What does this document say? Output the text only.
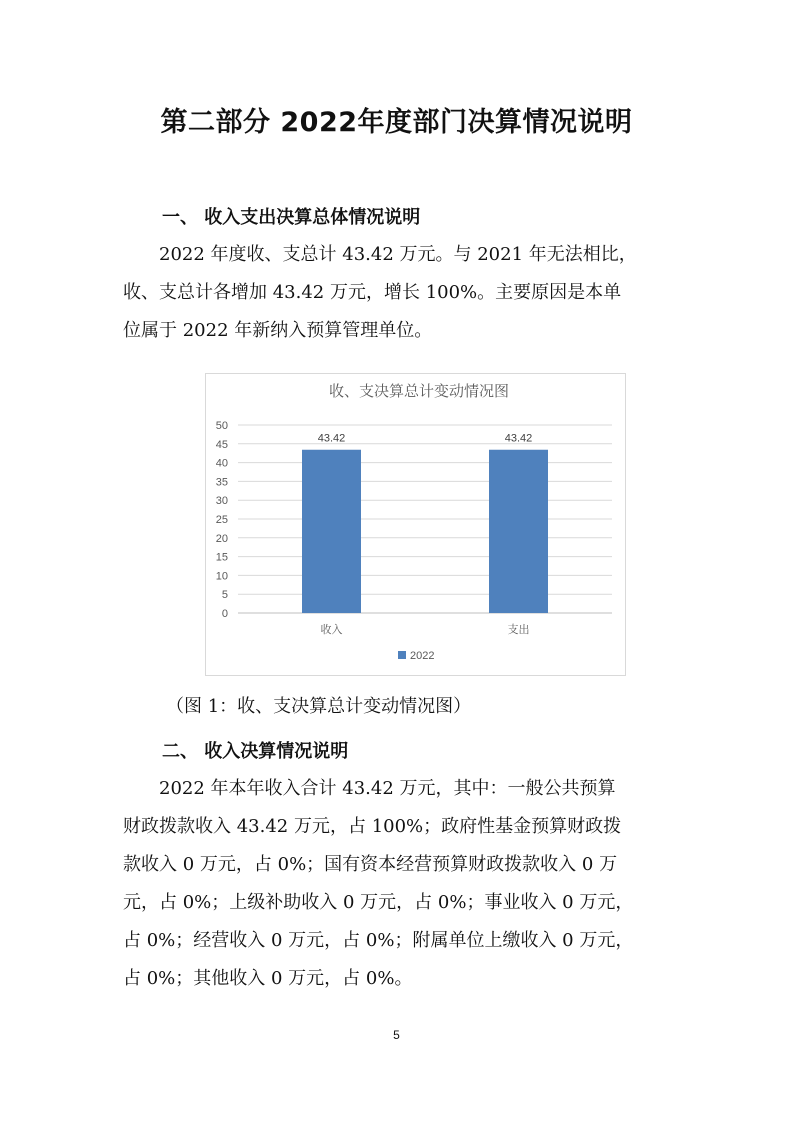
第二部分 2022年度部门决算情况说明
一、 收入支出决算总体情况说明
2022 年度收、支总计 43.42 万元。与 2021 年无法相比，
收、支总计各增加 43.42 万元，增长 100%。主要原因是本单
位属于 2022 年新纳入预算管理单位。
收、支决算总计变动情况图
0
5
10
15
20
25
30
35
40
45
50
43.42
收入
43.42
支出
2022
（图 1：收、支决算总计变动情况图）
二、 收入决算情况说明
2022 年本年收入合计 43.42 万元，其中：一般公共预算
财政拨款收入 43.42 万元，占 100%；政府性基金预算财政拨
款收入 0 万元，占 0%；国有资本经营预算财政拨款收入 0 万
元，占 0%；上级补助收入 0 万元，占 0%；事业收入 0 万元，
占 0%；经营收入 0 万元，占 0%；附属单位上缴收入 0 万元，
占 0%；其他收入 0 万元，占 0%。
5
